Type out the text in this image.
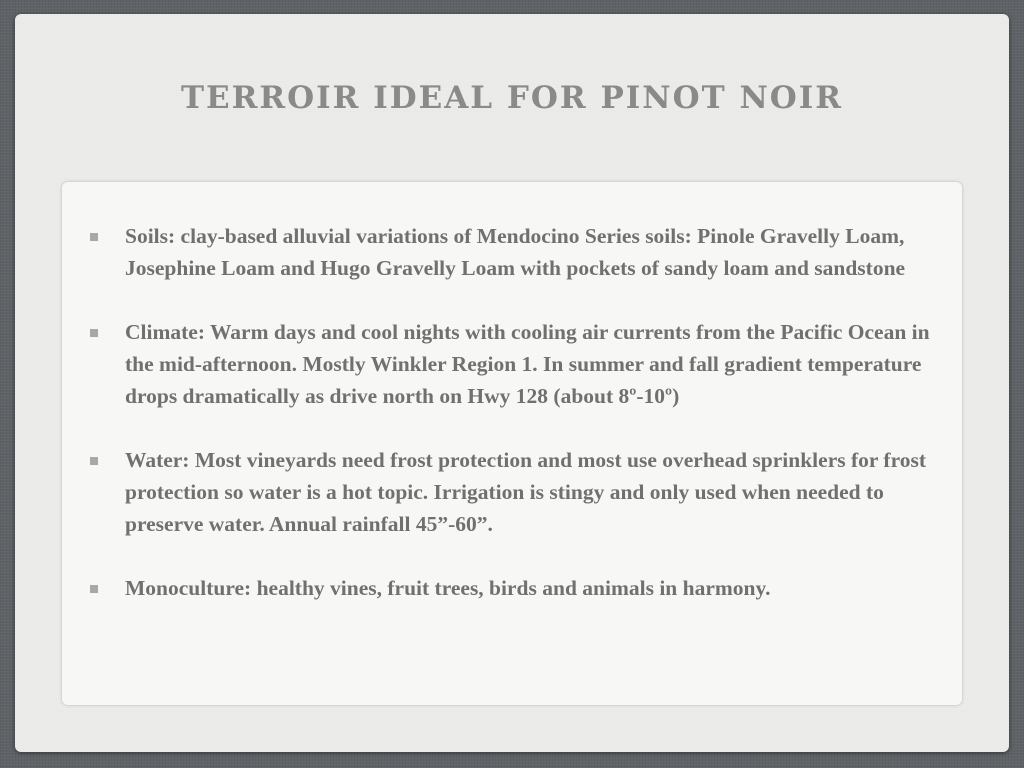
TERROIR IDEAL FOR PINOT NOIR
Soils: clay-based alluvial variations of Mendocino Series soils: Pinole Gravelly Loam, Josephine Loam and Hugo Gravelly Loam with pockets of sandy loam and sandstone
Climate: Warm days and cool nights with cooling air currents from the Pacific Ocean in the mid-afternoon. Mostly Winkler Region 1. In summer and fall gradient temperature drops dramatically as drive north on Hwy 128 (about 8º-10º)
Water: Most vineyards need frost protection and most use overhead sprinklers for frost protection so water is a hot topic. Irrigation is stingy and only used when needed to preserve water. Annual rainfall 45”-60”.
Monoculture: healthy vines, fruit trees, birds and animals in harmony.
